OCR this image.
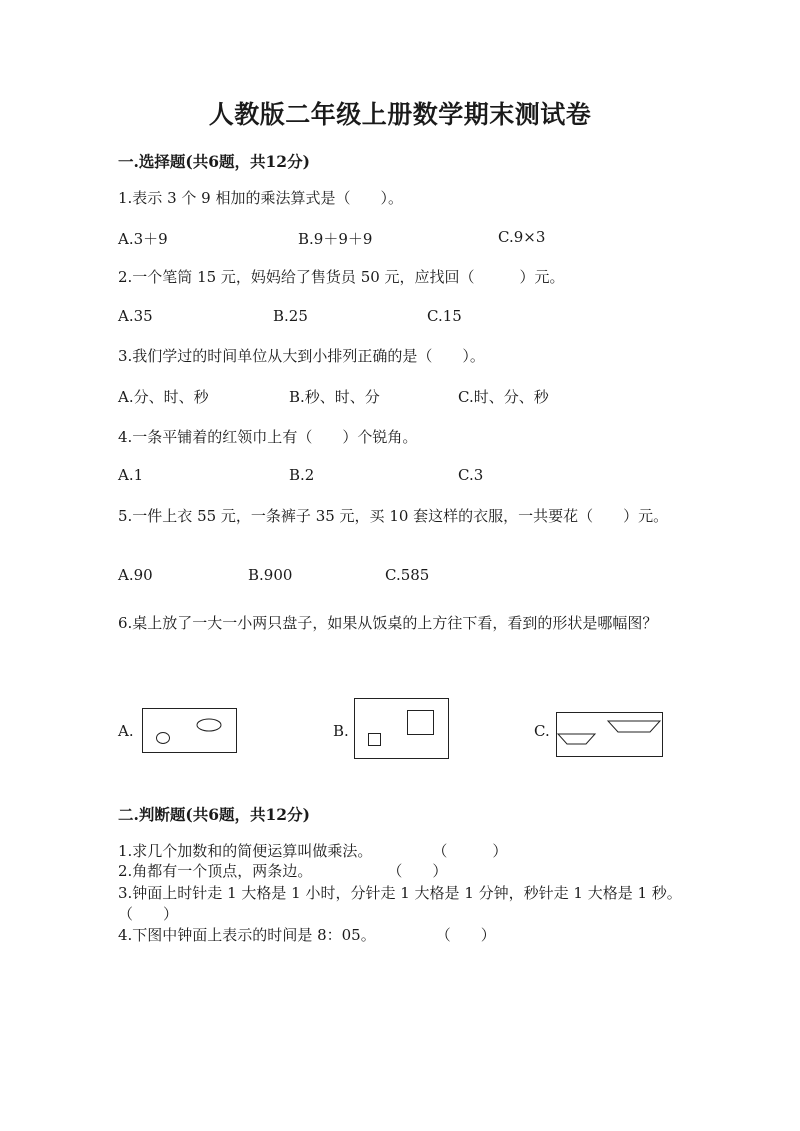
人教版二年级上册数学期末测试卷
一.选择题(共6题，共12分)
1.表示 3 个 9 相加的乘法算式是（　　）。
A.3＋9	B.9＋9＋9	C.9×3
2.一个笔筒 15 元，妈妈给了售货员 50 元，应找回（　　　）元。
A.35	B.25	C.15
3.我们学过的时间单位从大到小排列正确的是（　　）。
A.分、时、秒	B.秒、时、分	C.时、分、秒
4.一条平铺着的红领巾上有（　　）个锐角。
A.1	B.2	C.3
5.一件上衣 55 元，一条裤子 35 元，买 10 套这样的衣服，一共要花（　　）元。
A.90	B.900	C.585
6.桌上放了一大一小两只盘子，如果从饭桌的上方往下看，看到的形状是哪幅图？
A.	B.	C.
二.判断题(共6题，共12分)
1.求几个加数和的简便运算叫做乘法。　　　　　（　　　）
2.角都有一个顶点，两条边。　　　　　　（　　）
3.钟面上时针走 1 大格是 1 小时，分针走 1 大格是 1 分钟，秒针走 1 大格是 1 秒。　　　（　　）
4.下图中钟面上表示的时间是 8：05。　　　　　（　　）
